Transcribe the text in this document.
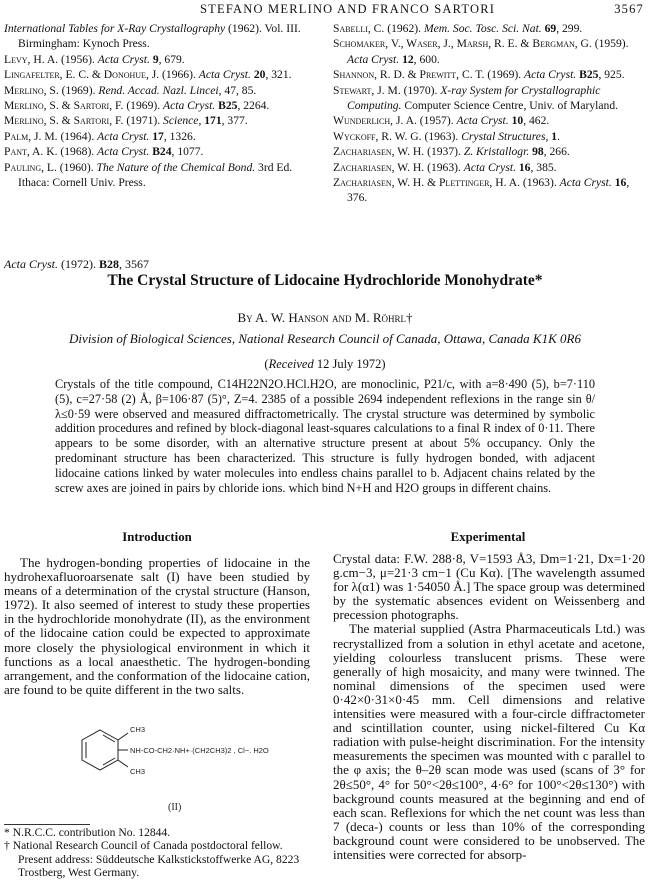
STEFANO MERLINO AND FRANCO SARTORI	3567
International Tables for X-Ray Crystallography (1962). Vol. III. Birmingham: Kynoch Press.
Levy, H. A. (1956). Acta Cryst. 9, 679.
Lingafelter, E. C. & Donohue, J. (1966). Acta Cryst. 20, 321.
Merlino, S. (1969). Rend. Accad. Nazl. Lincei, 47, 85.
Merlino, S. & Sartori, F. (1969). Acta Cryst. B25, 2264.
Merlino, S. & Sartori, F. (1971). Science, 171, 377.
Palm, J. M. (1964). Acta Cryst. 17, 1326.
Pant, A. K. (1968). Acta Cryst. B24, 1077.
Pauling, L. (1960). The Nature of the Chemical Bond. 3rd Ed. Ithaca: Cornell Univ. Press.
Sabelli, C. (1962). Mem. Soc. Tosc. Sci. Nat. 69, 299.
Schomaker, V., Waser, J., Marsh, R. E. & Bergman, G. (1959). Acta Cryst. 12, 600.
Shannon, R. D. & Prewitt, C. T. (1969). Acta Cryst. B25, 925.
Stewart, J. M. (1970). X-ray System for Crystallographic Computing. Computer Science Centre, Univ. of Maryland.
Wunderlich, J. A. (1957). Acta Cryst. 10, 462.
Wyckoff, R. W. G. (1963). Crystal Structures, 1.
Zachariasen, W. H. (1937). Z. Kristallogr. 98, 266.
Zachariasen, W. H. (1963). Acta Cryst. 16, 385.
Zachariasen, W. H. & Plettinger, H. A. (1963). Acta Cryst. 16, 376.
Acta Cryst. (1972). B28, 3567
The Crystal Structure of Lidocaine Hydrochloride Monohydrate*
By A. W. Hanson and M. Röhrl†
Division of Biological Sciences, National Research Council of Canada, Ottawa, Canada K1K 0R6
(Received 12 July 1972)
Crystals of the title compound, C14H22N2O.HCl.H2O, are monoclinic, P21/c, with a=8·490 (5), b=7·110 (5), c=27·58 (2) Å, β=106·87 (5)°, Z=4. 2385 of a possible 2694 independent reflexions in the range sin θ/λ≤0·59 were observed and measured diffractometrically. The crystal structure was determined by symbolic addition procedures and refined by block-diagonal least-squares calculations to a final R index of 0·11. There appears to be some disorder, with an alternative structure present at about 5% occupancy. Only the predominant structure has been characterized. This structure is fully hydrogen bonded, with adjacent lidocaine cations linked by water molecules into endless chains parallel to b. Adjacent chains related by the screw axes are joined in pairs by chloride ions. which bind N+H and H2O groups in different chains.
Introduction	Experimental
The hydrogen-bonding properties of lidocaine in the hydrohexafluoroarsenate salt (I) have been studied by means of a determination of the crystal structure (Hanson, 1972). It also seemed of interest to study these properties in the hydrochloride monohydrate (II), as the environment of the lidocaine cation could be expected to approximate more closely the physiological environment in which it functions as a local anaesthetic. The hydrogen-bonding arrangement, and the conformation of the lidocaine cation, are found to be quite different in the two salts.
CH3
CH3
NH-CO-CH2·NH+·(CH2CH3)2 , Cl−. H2O
(II)
* N.R.C.C. contribution No. 12844.
† National Research Council of Canada postdoctoral fellow. Present address: Süddeutsche Kalkstickstoffwerke AG, 8223 Trostberg, West Germany.

Crystal data: F.W. 288·8, V=1593 Å3, Dm=1·21, Dx=1·20 g.cm−3, μ=21·3 cm−1 (Cu Kα). [The wavelength assumed for λ(α1) was 1·54050 Å.] The space group was determined by the systematic absences evident on Weissenberg and precession photographs.

The material supplied (Astra Pharmaceuticals Ltd.) was recrystallized from a solution in ethyl acetate and acetone, yielding colourless translucent prisms. These were generally of high mosaicity, and many were twinned. The nominal dimensions of the specimen used were 0·42×0·31×0·45 mm. Cell dimensions and relative intensities were measured with a four-circle diffractometer and scintillation counter, using nickel-filtered Cu Kα radiation with pulse-height discrimination. For the intensity measurements the specimen was mounted with c parallel to the φ axis; the θ–2θ scan mode was used (scans of 3° for 2θ≤50°, 4° for 50°<2θ≤100°, 4·6° for 100°<2θ≤130°) with background counts measured at the beginning and end of each scan. Reflexions for which the net count was less than 7 (deca-) counts or less than 10% of the corresponding background count were considered to be unobserved. The intensities were corrected for absorp-
